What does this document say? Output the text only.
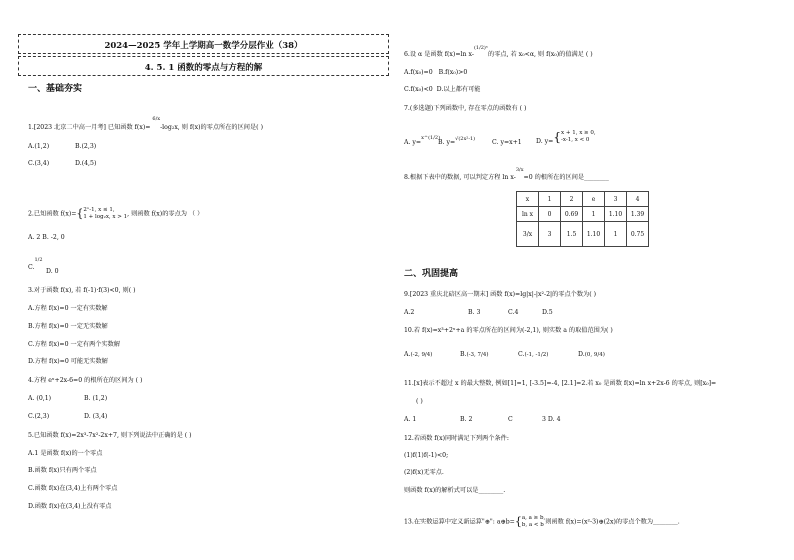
2024—2025 学年上学期高一数学分层作业（38）
4. 5. 1 函数的零点与方程的解
一、基础夯实
1.[2023 北京二中高一月考] 已知函数 f(x)= $^{6/x}$-log₂x, 则 f(x)的零点所在的区间是( )
A.(1,2)	B.(2,3)
C.(3,4)	D.(4,5)
2.已知函数 f(x)={2ˣ-1, x ≤ 1,
1 + log₂x, x > 1, 则函数 f(x)的零点为 （ ）
A. 2 B. -2, 0
C.$^{1/2}$
D. 0
3.对于函数 f(x), 若 f(-1)·f(3)<0, 则( )
A.方程 f(x)=0 一定有实数解
B.方程 f(x)=0 一定无实数解
C.方程 f(x)=0 一定有两个实数解
D.方程 f(x)=0 可能无实数解
4.方程 eˣ+2x-6=0 的根所在的区间为 ( )
A. (0,1)	B. (1,2)
C.(2,3)	D. (3,4)
5.已知函数 f(x)=2x³-7x²-2x+7, 则下列说法中正确的是 ( )
A.1 是函数 f(x)的一个零点
B.函数 f(x)只有两个零点
C.函数 f(x)在(3,4)上有两个零点
D.函数 f(x)在(3,4)上没有零点
6.设 α 是函数 f(x)=ln x-$^{(1/2)ˣ}$的零点, 若 x₀<α, 则 f(x₀)的值满足 ( )
A.f(x₀)=0 B.f(x₀)>0
C.f(x₀)<0 D.以上都有可能
7.(多选题)下列函数中, 存在零点的函数有 ( )
A. y=$^{x\^{}(1/2)}$
B. y=$^{√(2x^2-1)}$	C. y=x+1 D. y={x + 1, x ≥ 0,
-x-1, x < 0
8.根据下表中的数据, 可以判定方程 ln x-$^{3/x}$=0 的根所在的区间是________
x	1	2	e	3	4
ln x	0	0.69	1	1.10	1.39
3/x	3	1.5	1.10	1	0.75
二、巩固提高
9.[2023 重庆北碚区高一期末] 函数 f(x)=lg|x|-|x²-2|的零点个数为( )
A.2	B. 3	C.4	D.5
10.若 f(x)=x³+2ˣ+a 的零点所在的区间为(-2,1), 则实数 a 的取值范围为( )
A.(-2, 9/4)	B.(-3, 7/4)	C.(-1, -1/2)	D.(0, 9/4)
11.[x]表示不超过 x 的最大整数, 例如[1]=1, [-3.5]=-4, [2.1]=2.若 x₀ 是函数 f(x)=ln x+2x-6 的零点, 则[x₀]=
( )
A. 1	B. 2	C	3 D. 4
12.若函数 f(x)同时满足下列两个条件:
(1)f(1)f(-1)<0;
(2)f(x)无零点.
则函数 f(x)的解析式可以是________.
13.在实数运算中定义新运算"⊕": a⊕b={a, a ≥ b,
b, a < b 则函数 f(x)=(x²-3)⊕(2x)的零点个数为________.
